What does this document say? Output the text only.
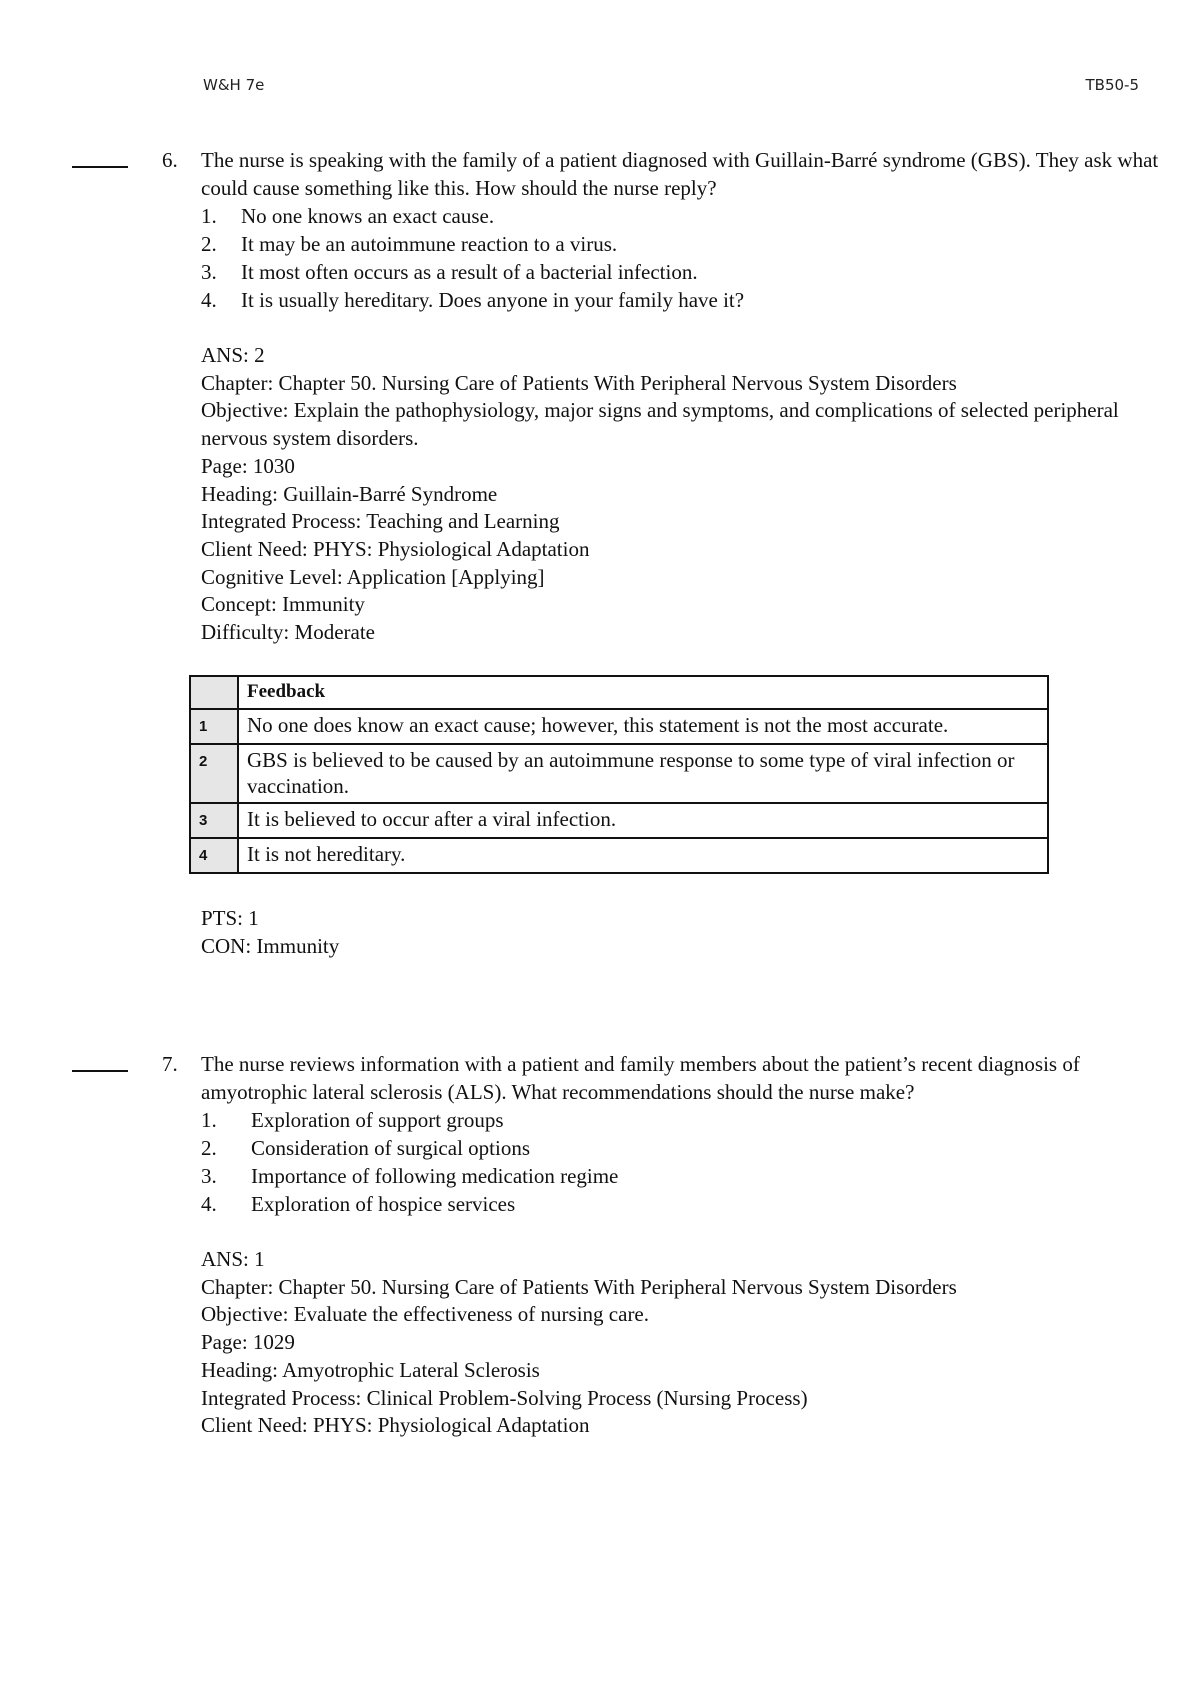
W&H 7e	TB50-5
6. The nurse is speaking with the family of a patient diagnosed with Guillain-Barré syndrome (GBS). They ask what could cause something like this. How should the nurse reply?

1.	No one knows an exact cause.
2.	It may be an autoimmune reaction to a virus.
3.	It most often occurs as a result of a bacterial infection.
4.	It is usually hereditary. Does anyone in your family have it?
ANS: 2
Chapter: Chapter 50. Nursing Care of Patients With Peripheral Nervous System Disorders
Objective: Explain the pathophysiology, major signs and symptoms, and complications of selected peripheral nervous system disorders.
Page: 1030
Heading: Guillain-Barré Syndrome
Integrated Process: Teaching and Learning
Client Need: PHYS: Physiological Adaptation
Cognitive Level: Application [Applying]
Concept: Immunity
Difficulty: Moderate
	Feedback
1	No one does know an exact cause; however, this statement is not the most accurate.
2	GBS is believed to be caused by an autoimmune response to some type of viral infection or vaccination.
3	It is believed to occur after a viral infection.
4	It is not hereditary.
PTS: 1
CON: Immunity
7. The nurse reviews information with a patient and family members about the patient’s recent diagnosis of amyotrophic lateral sclerosis (ALS). What recommendations should the nurse make?

1.	Exploration of support groups
2.	Consideration of surgical options
3.	Importance of following medication regime
4.	Exploration of hospice services
ANS: 1
Chapter: Chapter 50. Nursing Care of Patients With Peripheral Nervous System Disorders
Objective: Evaluate the effectiveness of nursing care.
Page: 1029
Heading: Amyotrophic Lateral Sclerosis
Integrated Process: Clinical Problem-Solving Process (Nursing Process)
Client Need: PHYS: Physiological Adaptation
